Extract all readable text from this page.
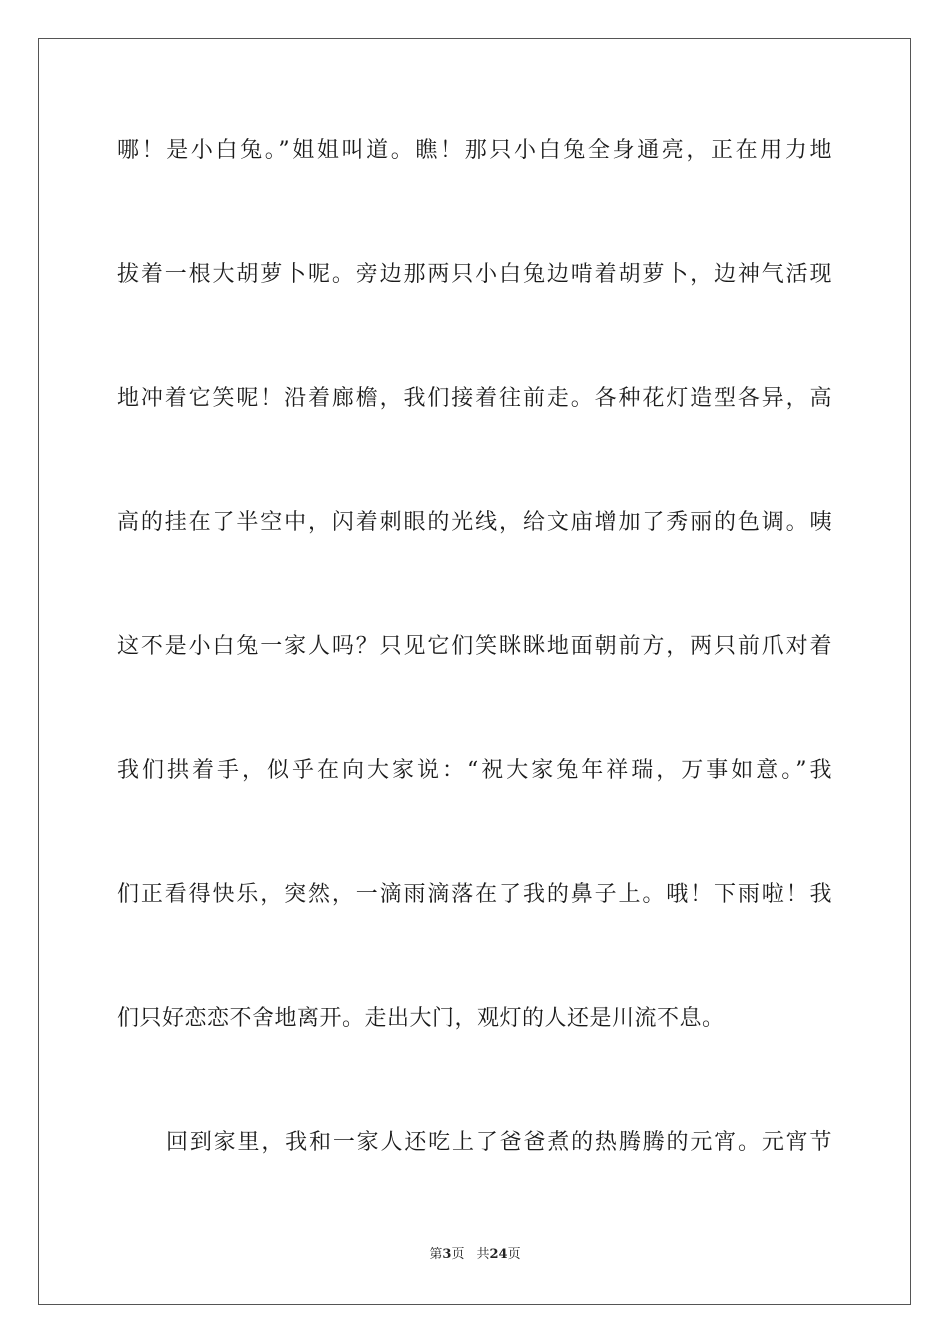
哪！是小白兔。”姐姐叫道。瞧！那只小白兔全身通亮，正在用力地
拔着一根大胡萝卜呢。旁边那两只小白兔边啃着胡萝卜，边神气活现
地冲着它笑呢！沿着廊檐，我们接着往前走。各种花灯造型各异，高
高的挂在了半空中，闪着刺眼的光线，给文庙增加了秀丽的色调。咦
这不是小白兔一家人吗？只见它们笑眯眯地面朝前方，两只前爪对着
我们拱着手，似乎在向大家说：“祝大家兔年祥瑞，万事如意。”我
们正看得快乐，突然，一滴雨滴落在了我的鼻子上。哦！下雨啦！我
们只好恋恋不舍地离开。走出大门，观灯的人还是川流不息。
回到家里，我和一家人还吃上了爸爸煮的热腾腾的元宵。元宵节
第3页 共24页
